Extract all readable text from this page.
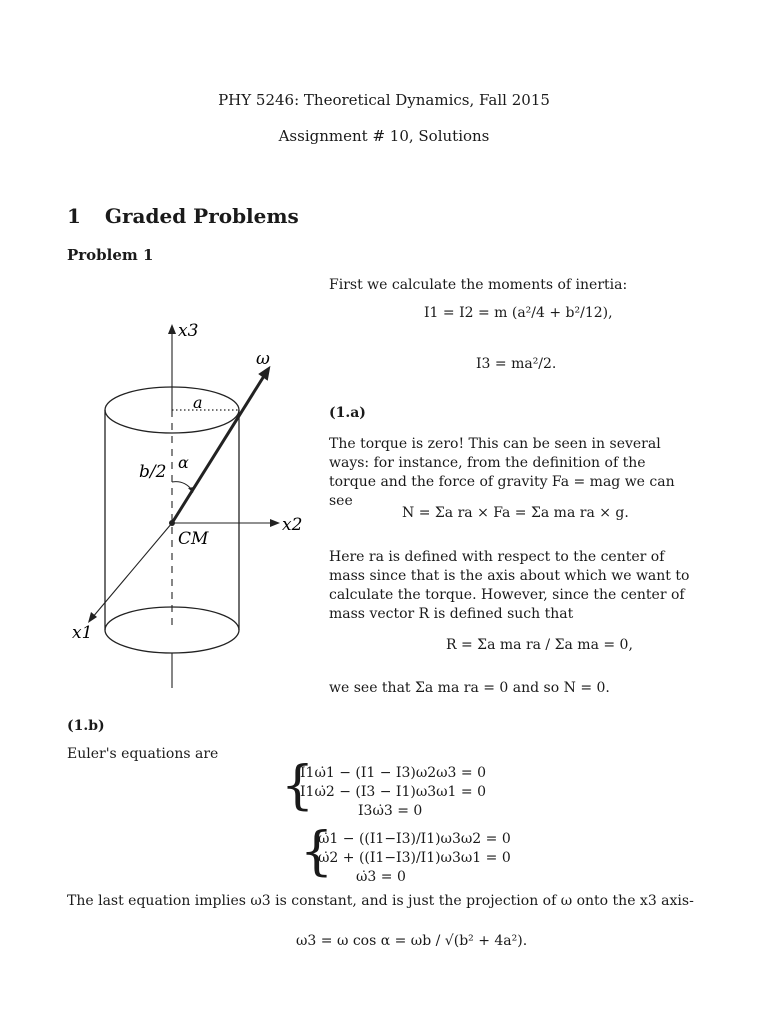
PHY 5246: Theoretical Dynamics, Fall 2015
Assignment # 10, Solutions
1 Graded Problems
Problem 1
x3
x2
x1
ω
a
b/2 α
CM
First we calculate the moments of inertia:
I1 = I2 = m (a²/4 + b²/12),
I3 = ma²/2.
(1.a)
The torque is zero! This can be seen in several ways: for instance, from the definition of the torque and the force of gravity Fa = mag we can see
N = Σa ra × Fa = Σa ma ra × g.
Here ra is defined with respect to the center of mass since that is the axis about which we want to calculate the torque. However, since the center of mass vector R is defined such that
R = Σa ma ra / Σa ma = 0,
we see that Σa ma ra = 0 and so N = 0.
(1.b)
Euler's equations are
{
I1ω̇1 − (I1 − I3)ω2ω3 = 0
I1ω̇2 − (I3 − I1)ω3ω1 = 0
I3ω̇3 = 0
{
ω̇1 − ((I1−I3)/I1)ω3ω2 = 0
ω̇2 + ((I1−I3)/I1)ω3ω1 = 0
ω̇3 = 0
The last equation implies ω3 is constant, and is just the projection of ω onto the x3 axis-
ω3 = ω cos α = ωb / √(b² + 4a²).
